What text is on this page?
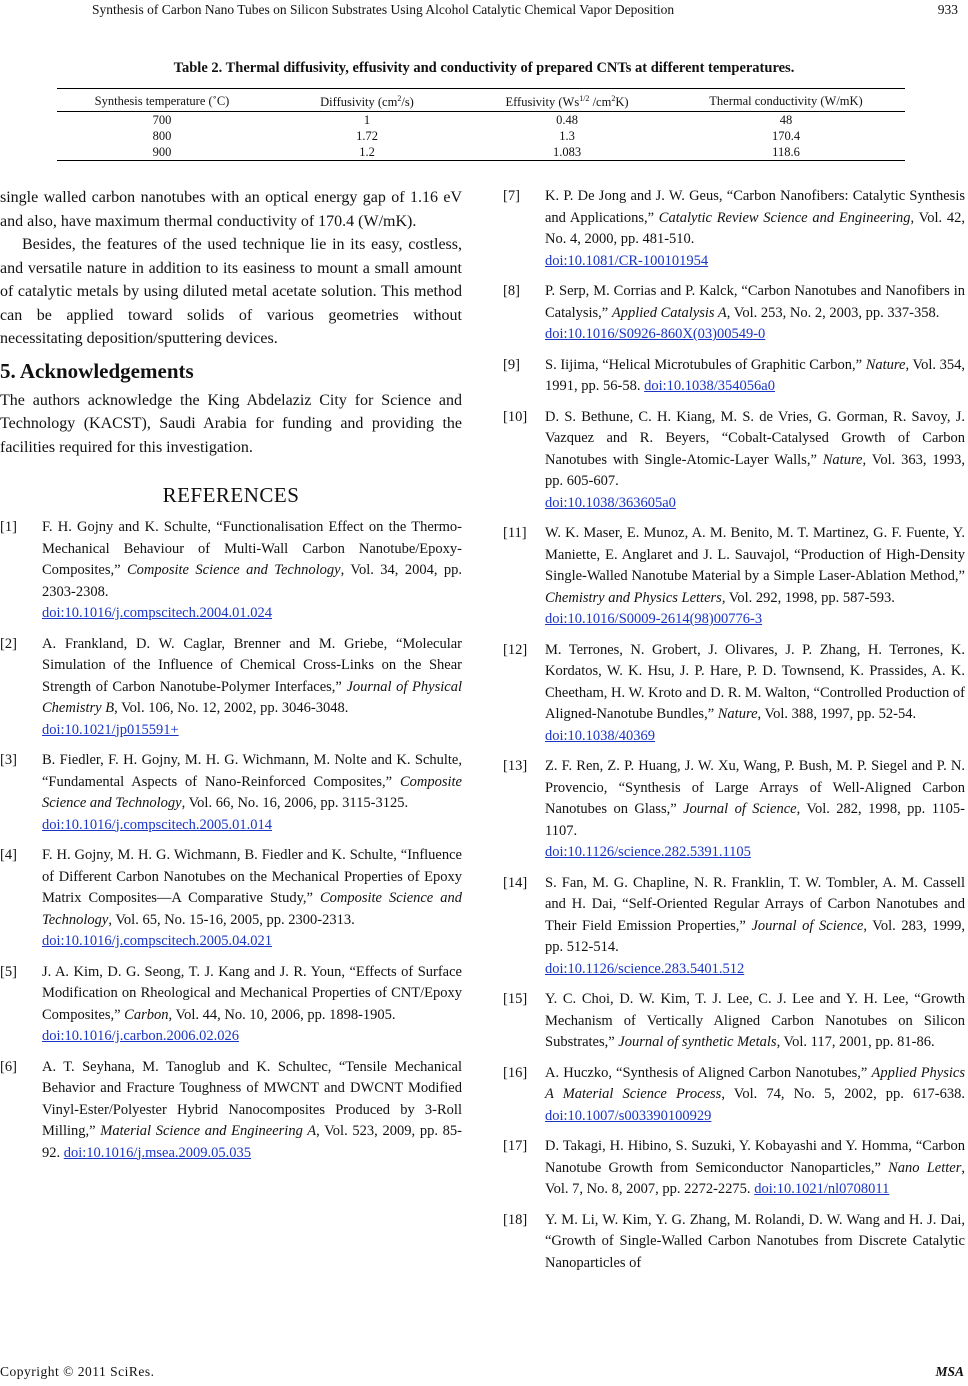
Synthesis of Carbon Nano Tubes on Silicon Substrates Using Alcohol Catalytic Chemical Vapor Deposition	933
Table 2. Thermal diffusivity, effusivity and conductivity of prepared CNTs at different temperatures.
Synthesis temperature (˚C)	Diffusivity $(cm^2/s)$	Effusivity ($Ws^{1/2}$ $/cm^2K$)	Thermal conductivity (W/mK)
700	1	0.48	48
800	1.72	1.3	170.4
900	1.2	1.083	118.6

single walled carbon nanotubes with an optical energy gap of 1.16 eV and also, have maximum thermal conductivity of 170.4 (W/mK).

Besides, the features of the used technique lie in its easy, costless, and versatile nature in addition to its easiness to mount a small amount of catalytic metals by using diluted metal acetate solution. This method can be applied toward solids of various geometries without necessitating deposition/sputtering devices.

5. Acknowledgements

The authors acknowledge the King Abdelaziz City for Science and Technology (KACST), Saudi Arabia for funding and providing the facilities required for this investigation.

REFERENCES
[1] F. H. Gojny and K. Schulte, “Functionalisation Effect on the Thermo-Mechanical Behaviour of Multi-Wall Carbon Nanotube/Epoxy-Composites,” Composite Science and Technology, Vol. 34, 2004, pp. 2303-2308.
doi:10.1016/j.compscitech.2004.01.024
[2] A. Frankland, D. W. Caglar, Brenner and M. Griebe, “Molecular Simulation of the Influence of Chemical Cross-Links on the Shear Strength of Carbon Nanotube-Polymer Interfaces,” Journal of Physical Chemistry B, Vol. 106, No. 12, 2002, pp. 3046-3048.
doi:10.1021/jp015591+
[3] B. Fiedler, F. H. Gojny, M. H. G. Wichmann, M. Nolte and K. Schulte, “Fundamental Aspects of Nano-Reinforced Composites,” Composite Science and Technology, Vol. 66, No. 16, 2006, pp. 3115-3125.
doi:10.1016/j.compscitech.2005.01.014
[4] F. H. Gojny, M. H. G. Wichmann, B. Fiedler and K. Schulte, “Influence of Different Carbon Nanotubes on the Mechanical Properties of Epoxy Matrix Composites—A Comparative Study,” Composite Science and Technology, Vol. 65, No. 15-16, 2005, pp. 2300-2313.
doi:10.1016/j.compscitech.2005.04.021
[5] J. A. Kim, D. G. Seong, T. J. Kang and J. R. Youn, “Effects of Surface Modification on Rheological and Mechanical Properties of CNT/Epoxy Composites,” Carbon, Vol. 44, No. 10, 2006, pp. 1898-1905.
doi:10.1016/j.carbon.2006.02.026
[6] A. T. Seyhana, M. Tanoglub and K. Schultec, “Tensile Mechanical Behavior and Fracture Toughness of MWCNT and DWCNT Modified Vinyl-Ester/Polyester Hybrid Nanocomposites Produced by 3-Roll Milling,” Material Science and Engineering A, Vol. 523, 2009, pp. 85-92. doi:10.1016/j.msea.2009.05.035
[7] K. P. De Jong and J. W. Geus, “Carbon Nanofibers: Catalytic Synthesis and Applications,” Catalytic Review Science and Engineering, Vol. 42, No. 4, 2000, pp. 481-510.
doi:10.1081/CR-100101954
[8] P. Serp, M. Corrias and P. Kalck, “Carbon Nanotubes and Nanofibers in Catalysis,” Applied Catalysis A, Vol. 253, No. 2, 2003, pp. 337-358.
doi:10.1016/S0926-860X(03)00549-0
[9] S. Iijima, “Helical Microtubules of Graphitic Carbon,” Nature, Vol. 354, 1991, pp. 56-58. doi:10.1038/354056a0
[10] D. S. Bethune, C. H. Kiang, M. S. de Vries, G. Gorman, R. Savoy, J. Vazquez and R. Beyers, “Cobalt-Catalysed Growth of Carbon Nanotubes with Single-Atomic-Layer Walls,” Nature, Vol. 363, 1993, pp. 605-607.
doi:10.1038/363605a0
[11] W. K. Maser, E. Munoz, A. M. Benito, M. T. Martinez, G. F. Fuente, Y. Maniette, E. Anglaret and J. L. Sauvajol, “Production of High-Density Single-Walled Nanotube Material by a Simple Laser-Ablation Method,” Chemistry and Physics Letters, Vol. 292, 1998, pp. 587-593.
doi:10.1016/S0009-2614(98)00776-3
[12] M. Terrones, N. Grobert, J. Olivares, J. P. Zhang, H. Terrones, K. Kordatos, W. K. Hsu, J. P. Hare, P. D. Townsend, K. Prassides, A. K. Cheetham, H. W. Kroto and D. R. M. Walton, “Controlled Production of Aligned-Nanotube Bundles,” Nature, Vol. 388, 1997, pp. 52-54.
doi:10.1038/40369
[13] Z. F. Ren, Z. P. Huang, J. W. Xu, Wang, P. Bush, M. P. Siegel and P. N. Provencio, “Synthesis of Large Arrays of Well-Aligned Carbon Nanotubes on Glass,” Journal of Science, Vol. 282, 1998, pp. 1105-1107.
doi:10.1126/science.282.5391.1105
[14] S. Fan, M. G. Chapline, N. R. Franklin, T. W. Tombler, A. M. Cassell and H. Dai, “Self-Oriented Regular Arrays of Carbon Nanotubes and Their Field Emission Properties,” Journal of Science, Vol. 283, 1999, pp. 512-514.
doi:10.1126/science.283.5401.512
[15] Y. C. Choi, D. W. Kim, T. J. Lee, C. J. Lee and Y. H. Lee, “Growth Mechanism of Vertically Aligned Carbon Nanotubes on Silicon Substrates,” Journal of synthetic Metals, Vol. 117, 2001, pp. 81-86.
[16] A. Huczko, “Synthesis of Aligned Carbon Nanotubes,” Applied Physics A Material Science Process, Vol. 74, No. 5, 2002, pp. 617-638. doi:10.1007/s003390100929
[17] D. Takagi, H. Hibino, S. Suzuki, Y. Kobayashi and Y. Homma, “Carbon Nanotube Growth from Semiconductor Nanoparticles,” Nano Letter, Vol. 7, No. 8, 2007, pp. 2272-2275. doi:10.1021/nl0708011
[18] Y. M. Li, W. Kim, Y. G. Zhang, M. Rolandi, D. W. Wang and H. J. Dai, “Growth of Single-Walled Carbon Nanotubes from Discrete Catalytic Nanoparticles of
Copyright © 2011 SciRes.	MSA
